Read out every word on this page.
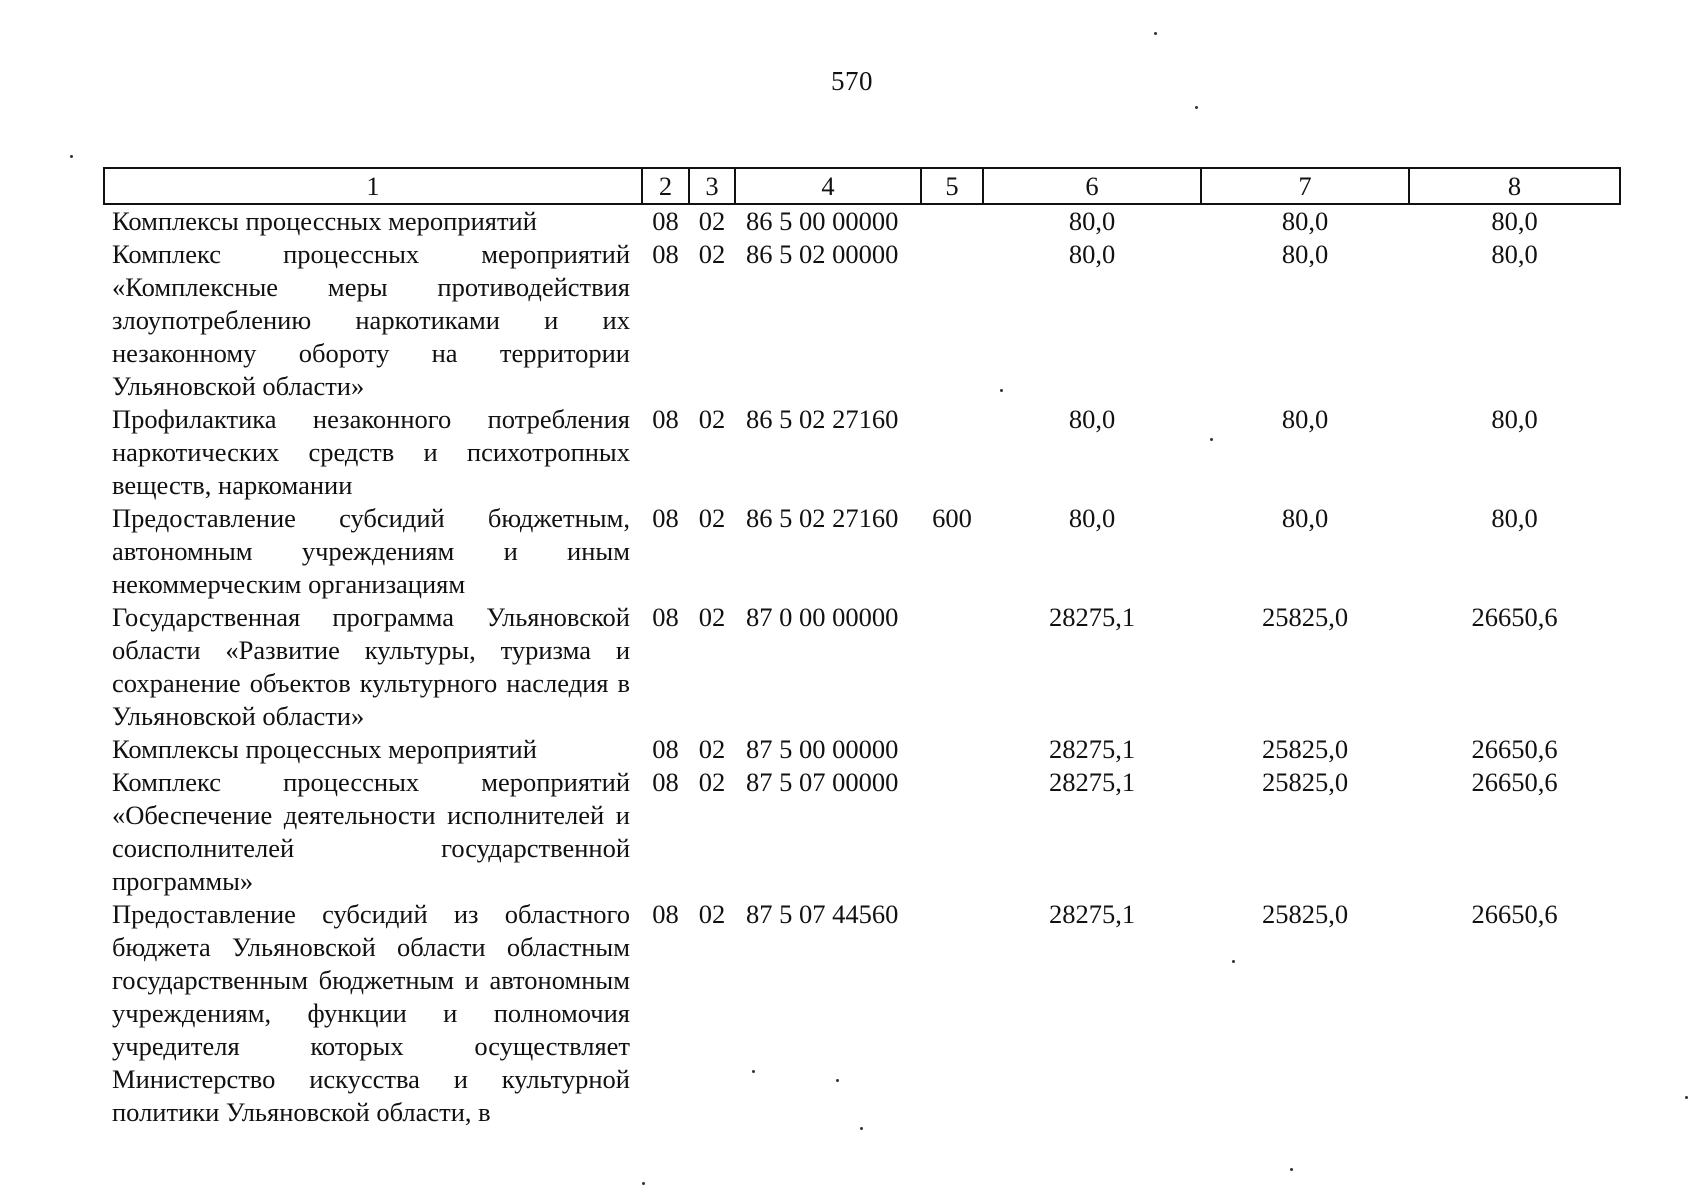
570
1	2	3	4	5	6	7	8
Комплексы процессных мероприятий	08	02	86 5 00 00000		80,0	80,0	80,0
Комплекс процессных мероприятий «Комплексные меры противодействия злоупотреблению наркотиками и их незаконному обороту на территории Ульяновской области»	08	02	86 5 02 00000		80,0	80,0	80,0
Профилактика незаконного потребления наркотических средств и психотропных веществ, наркомании	08	02	86 5 02 27160		80,0	80,0	80,0
Предоставление субсидий бюджетным, автономным учреждениям и иным некоммерческим организациям	08	02	86 5 02 27160	600	80,0	80,0	80,0
Государственная программа Ульяновской области «Развитие культуры, туризма и сохранение объектов культурного наследия в Ульяновской области»	08	02	87 0 00 00000		28275,1	25825,0	26650,6
Комплексы процессных мероприятий	08	02	87 5 00 00000		28275,1	25825,0	26650,6
Комплекс процессных мероприятий «Обеспечение деятельности исполнителей и соисполнителей государственной программы»	08	02	87 5 07 00000		28275,1	25825,0	26650,6
Предоставление субсидий из областного бюджета Ульяновской области областным государственным бюджетным и автономным учреждениям, функции и полномочия учредителя которых осуществляет Министерство искусства и культурной политики Ульяновской области, в	08	02	87 5 07 44560		28275,1	25825,0	26650,6
